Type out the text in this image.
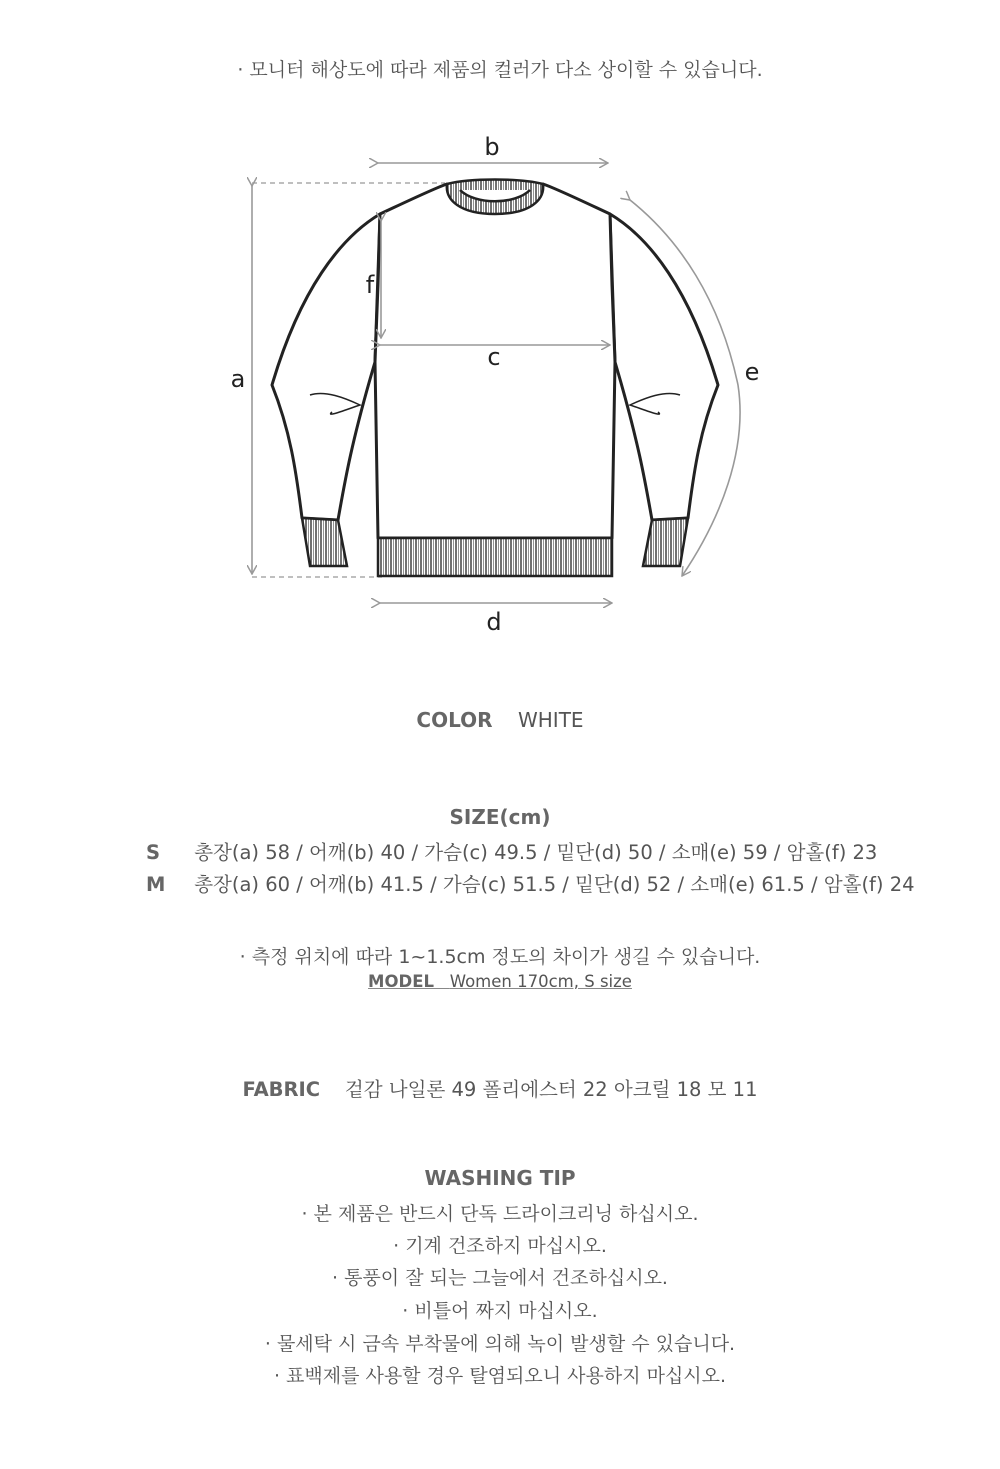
· 모니터 해상도에 따라 제품의 컬러가 다소 상이할 수 있습니다.
b
a
f
c
e
d
COLOR WHITE
SIZE(cm)
S 총장(a) 58 / 어깨(b) 40 / 가슴(c) 49.5 / 밑단(d) 50 / 소매(e) 59 / 암홀(f) 23
M 총장(a) 60 / 어깨(b) 41.5 / 가슴(c) 51.5 / 밑단(d) 52 / 소매(e) 61.5 / 암홀(f) 24
· 측정 위치에 따라 1~1.5cm 정도의 차이가 생길 수 있습니다.
MODEL Women 170cm, S size
FABRIC 겉감 나일론 49 폴리에스터 22 아크릴 18 모 11
WASHING TIP
· 본 제품은 반드시 단독 드라이크리닝 하십시오.
· 기계 건조하지 마십시오.
· 통풍이 잘 되는 그늘에서 건조하십시오.
· 비틀어 짜지 마십시오.
· 물세탁 시 금속 부착물에 의해 녹이 발생할 수 있습니다.
· 표백제를 사용할 경우 탈염되오니 사용하지 마십시오.
